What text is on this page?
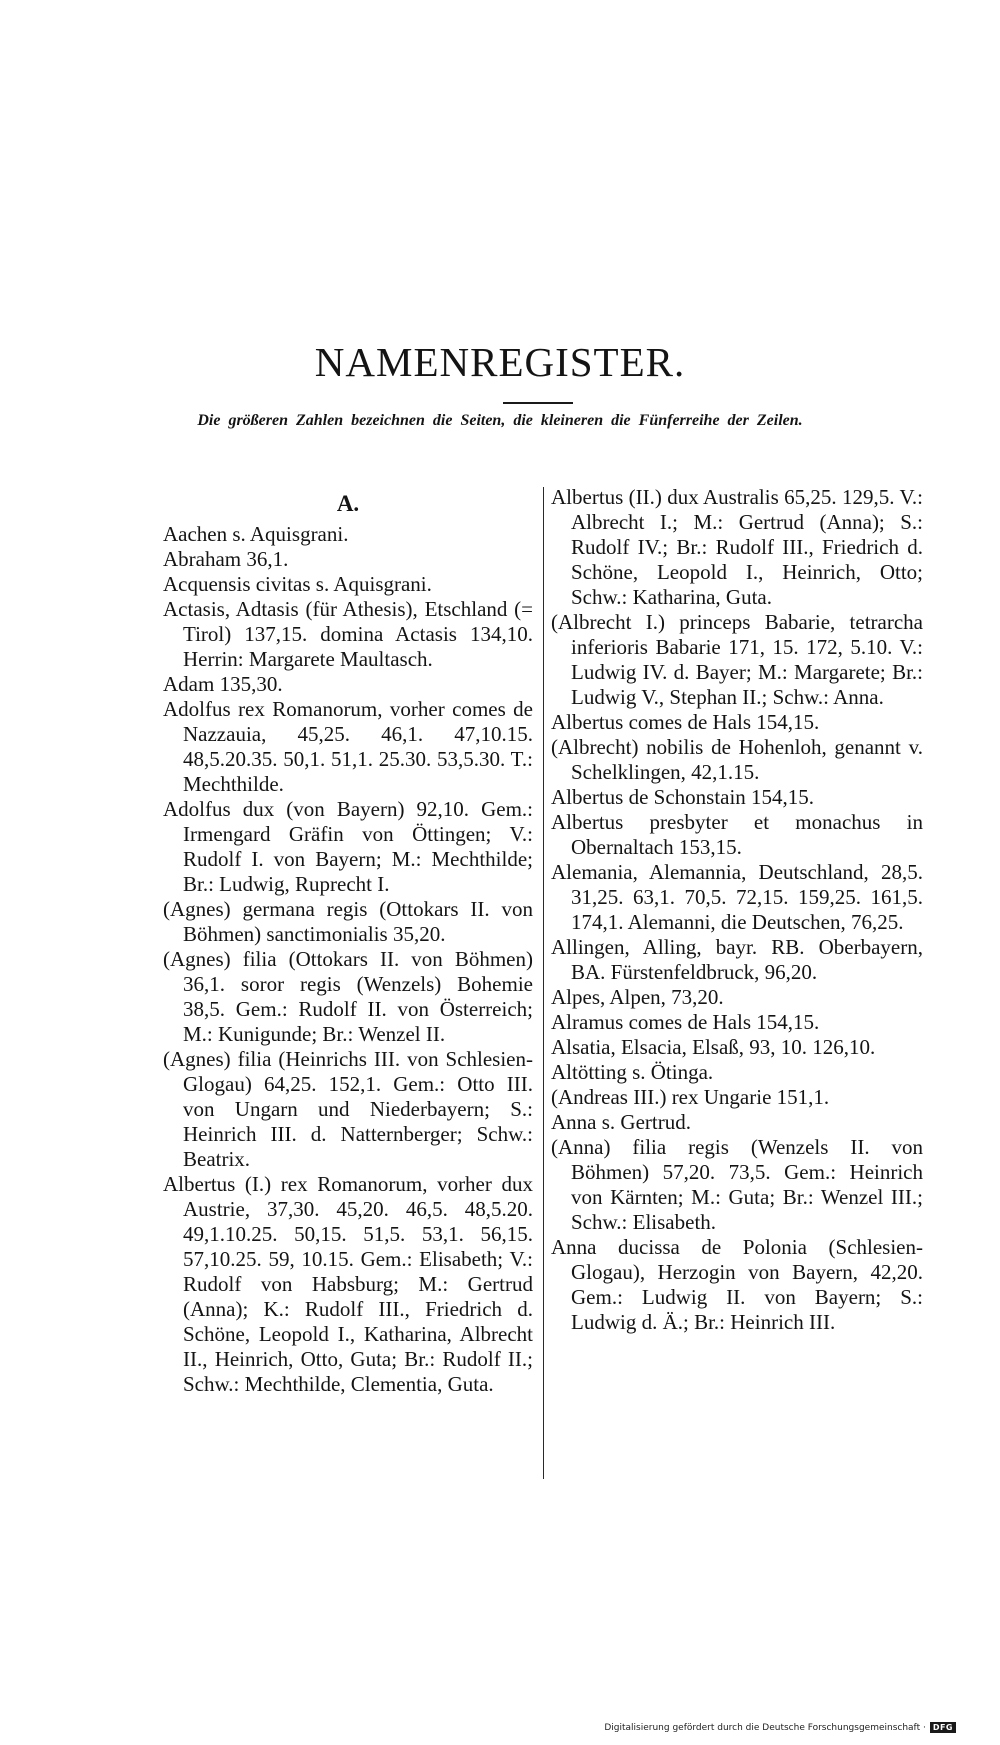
NAMENREGISTER.
Die größeren Zahlen bezeichnen die Seiten, die kleineren die Fünferreihe der Zeilen.
A.

Aachen s. Aquisgrani.

Abraham 36,1.

Acquensis civitas s. Aquisgrani.

Actasis, Adtasis (für Athesis), Etschland (= Tirol) 137,15. domina Actasis 134,10. Herrin: Margarete Maultasch.

Adam 135,30.

Adolfus rex Romanorum, vorher comes de Nazzauia, 45,25. 46,1. 47,10.15. 48,5.20.35. 50,1. 51,1. 25.30. 53,5.30. T.: Mechthilde.

Adolfus dux (von Bayern) 92,10. Gem.: Irmengard Gräfin von Öttingen; V.: Rudolf I. von Bayern; M.: Mechthilde; Br.: Ludwig, Ruprecht I.

(Agnes) germana regis (Ottokars II. von Böhmen) sanctimonialis 35,20.

(Agnes) filia (Ottokars II. von Böhmen) 36,1. soror regis (Wenzels) Bohemie 38,5. Gem.: Rudolf II. von Österreich; M.: Kunigunde; Br.: Wenzel II.

(Agnes) filia (Heinrichs III. von Schlesien-Glogau) 64,25. 152,1. Gem.: Otto III. von Ungarn und Niederbayern; S.: Heinrich III. d. Natternberger; Schw.: Beatrix.

Albertus (I.) rex Romanorum, vorher dux Austrie, 37,30. 45,20. 46,5. 48,5.20. 49,1.10.25. 50,15. 51,5. 53,1. 56,15. 57,10.25. 59, 10.15. Gem.: Elisabeth; V.: Rudolf von Habsburg; M.: Gertrud (Anna); K.: Rudolf III., Friedrich d. Schöne, Leopold I., Katharina, Albrecht II., Heinrich, Otto, Guta; Br.: Rudolf II.; Schw.: Mechthilde, Clementia, Guta.

Albertus (II.) dux Australis 65,25. 129,5. V.: Albrecht I.; M.: Gertrud (Anna); S.: Rudolf IV.; Br.: Rudolf III., Friedrich d. Schöne, Leopold I., Heinrich, Otto; Schw.: Katharina, Guta.

(Albrecht I.) princeps Babarie, tetrarcha inferioris Babarie 171, 15. 172, 5.10. V.: Ludwig IV. d. Bayer; M.: Margarete; Br.: Ludwig V., Stephan II.; Schw.: Anna.

Albertus comes de Hals 154,15.

(Albrecht) nobilis de Hohenloh, genannt v. Schelklingen, 42,1.15.

Albertus de Schonstain 154,15.

Albertus presbyter et monachus in Obernaltach 153,15.

Alemania, Alemannia, Deutschland, 28,5. 31,25. 63,1. 70,5. 72,15. 159,25. 161,5. 174,1. Alemanni, die Deutschen, 76,25.

Allingen, Alling, bayr. RB. Oberbayern, BA. Fürstenfeldbruck, 96,20.

Alpes, Alpen, 73,20.

Alramus comes de Hals 154,15.

Alsatia, Elsacia, Elsaß, 93, 10. 126,10.

Altötting s. Ötinga.

(Andreas III.) rex Ungarie 151,1.

Anna s. Gertrud.

(Anna) filia regis (Wenzels II. von Böhmen) 57,20. 73,5. Gem.: Heinrich von Kärnten; M.: Guta; Br.: Wenzel III.; Schw.: Elisabeth.

Anna ducissa de Polonia (Schlesien-Glogau), Herzogin von Bayern, 42,20. Gem.: Ludwig II. von Bayern; S.: Ludwig d. Ä.; Br.: Heinrich III.

Digitalisierung gefördert durch die Deutsche Forschungsgemeinschaft · DFG
